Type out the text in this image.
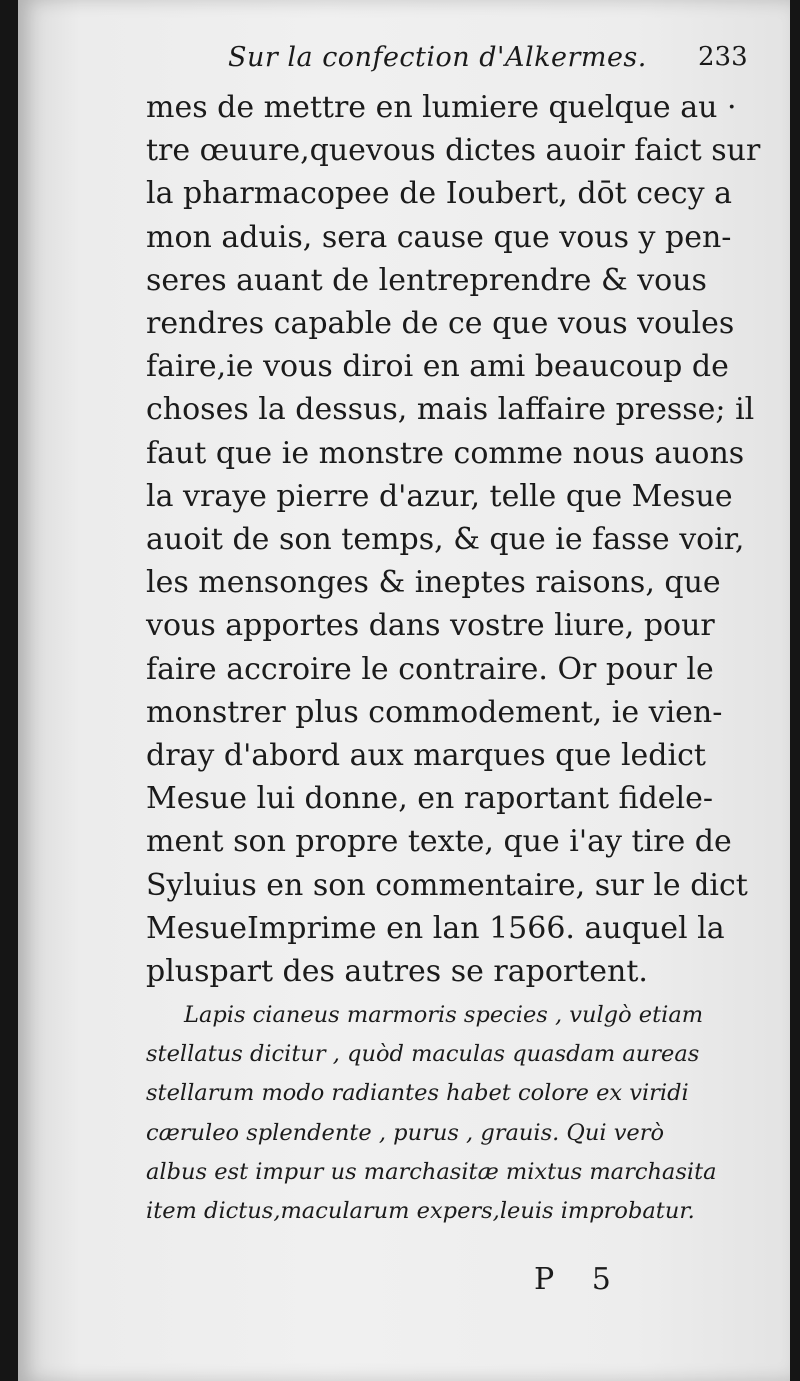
Sur la confection d'Alkermes. 233
mes de mettre en lumiere quelque au ·
tre œuure,quevous dictes auoir faict sur
la pharmacopee de Ioubert, dōt cecy a
mon aduis, sera cause que vous y pen-
seres auant de lentreprendre & vous
rendres capable de ce que vous voules
faire,ie vous diroi en ami beaucoup de
choses la dessus, mais laffaire presse; il
faut que ie monstre comme nous auons
la vraye pierre d'azur, telle que Mesue
auoit de son temps, & que ie fasse voir,
les mensonges & ineptes raisons, que
vous apportes dans vostre liure, pour
faire accroire le contraire. Or pour le
monstrer plus commodement, ie vien-
dray d'abord aux marques que ledict
Mesue lui donne, en raportant fidele-
ment son propre texte, que i'ay tire de
Syluius en son commentaire, sur le dict
MesueImprime en lan 1566. auquel la
pluspart des autres se raportent.
Lapis cianeus marmoris species , vulgò etiam
stellatus dicitur , quòd maculas quasdam aureas
stellarum modo radiantes habet colore ex viridi
cæruleo splendente , purus , grauis. Qui verò
albus est impur us marchasitæ mixtus marchasita
item dictus,macularum expers,leuis improbatur.
P 5
